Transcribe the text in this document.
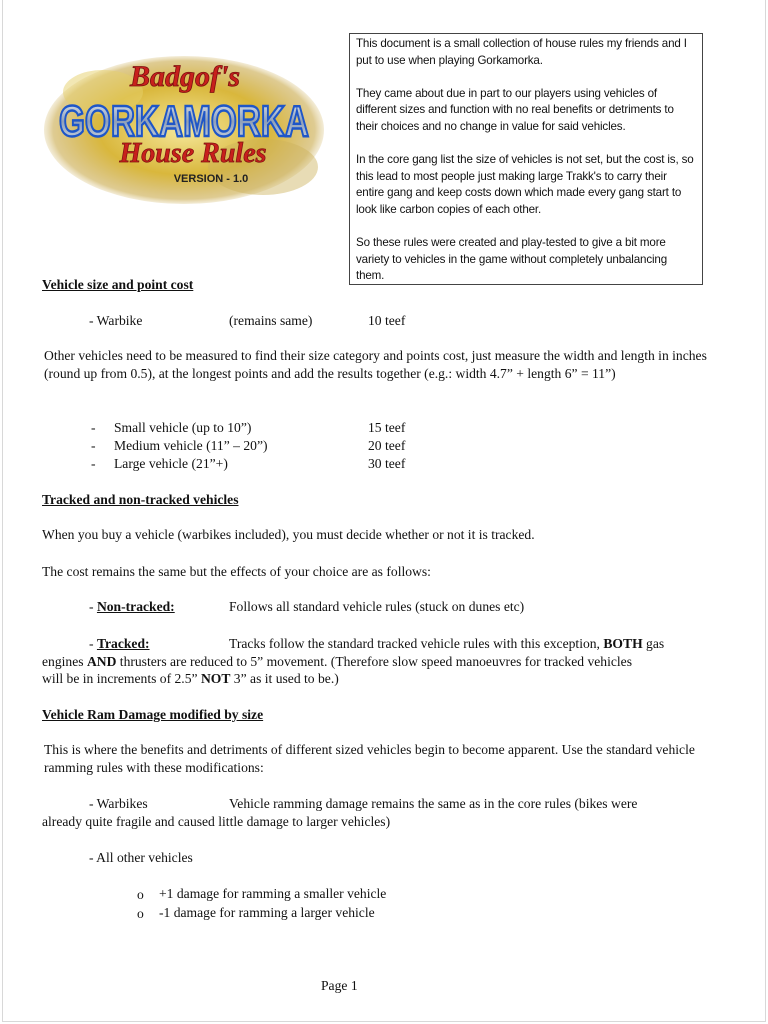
Badgof's
GORKAMORKA
House Rules
VERSION - 1.0

This document is a small collection of house rules my friends and I put to use when playing Gorkamorka.

They came about due in part to our players using vehicles of different sizes and function with no real benefits or detriments to their choices and no change in value for said vehicles.

In the core gang list the size of vehicles is not set, but the cost is, so this lead to most people just making large Trakk's to carry their entire gang and keep costs down which made every gang start to look like carbon copies of each other.

So these rules were created and play-tested to give a bit more variety to vehicles in the game without completely unbalancing them.

Vehicle size and point cost
- Warbike	(remains same)	10 teef

Other vehicles need to be measured to find their size category and points cost, just measure the width and length in inches (round up from 0.5), at the longest points and add the results together (e.g.: width 4.7” + length 6” = 11”)

- Small vehicle (up to 10”)	15 teef
- Medium vehicle (11” – 20”)	20 teef
- Large vehicle (21”+)	30 teef
Tracked and non-tracked vehicles
When you buy a vehicle (warbikes included), you must decide whether or not it is tracked.
The cost remains the same but the effects of your choice are as follows:
- Non-tracked:	Follows all standard vehicle rules (stuck on dunes etc)
- Tracked:	Tracks follow the standard tracked vehicle rules with this exception, BOTH gas
engines AND thrusters are reduced to 5” movement. (Therefore slow speed manoeuvres for tracked vehicles
will be in increments of 2.5” NOT 3” as it used to be.)
Vehicle Ram Damage modified by size

This is where the benefits and detriments of different sized vehicles begin to become apparent. Use the standard vehicle ramming rules with these modifications:

- Warbikes	Vehicle ramming damage remains the same as in the core rules (bikes were
already quite fragile and caused little damage to larger vehicles)
- All other vehicles
o +1 damage for ramming a smaller vehicle
o -1 damage for ramming a larger vehicle
Page 1
